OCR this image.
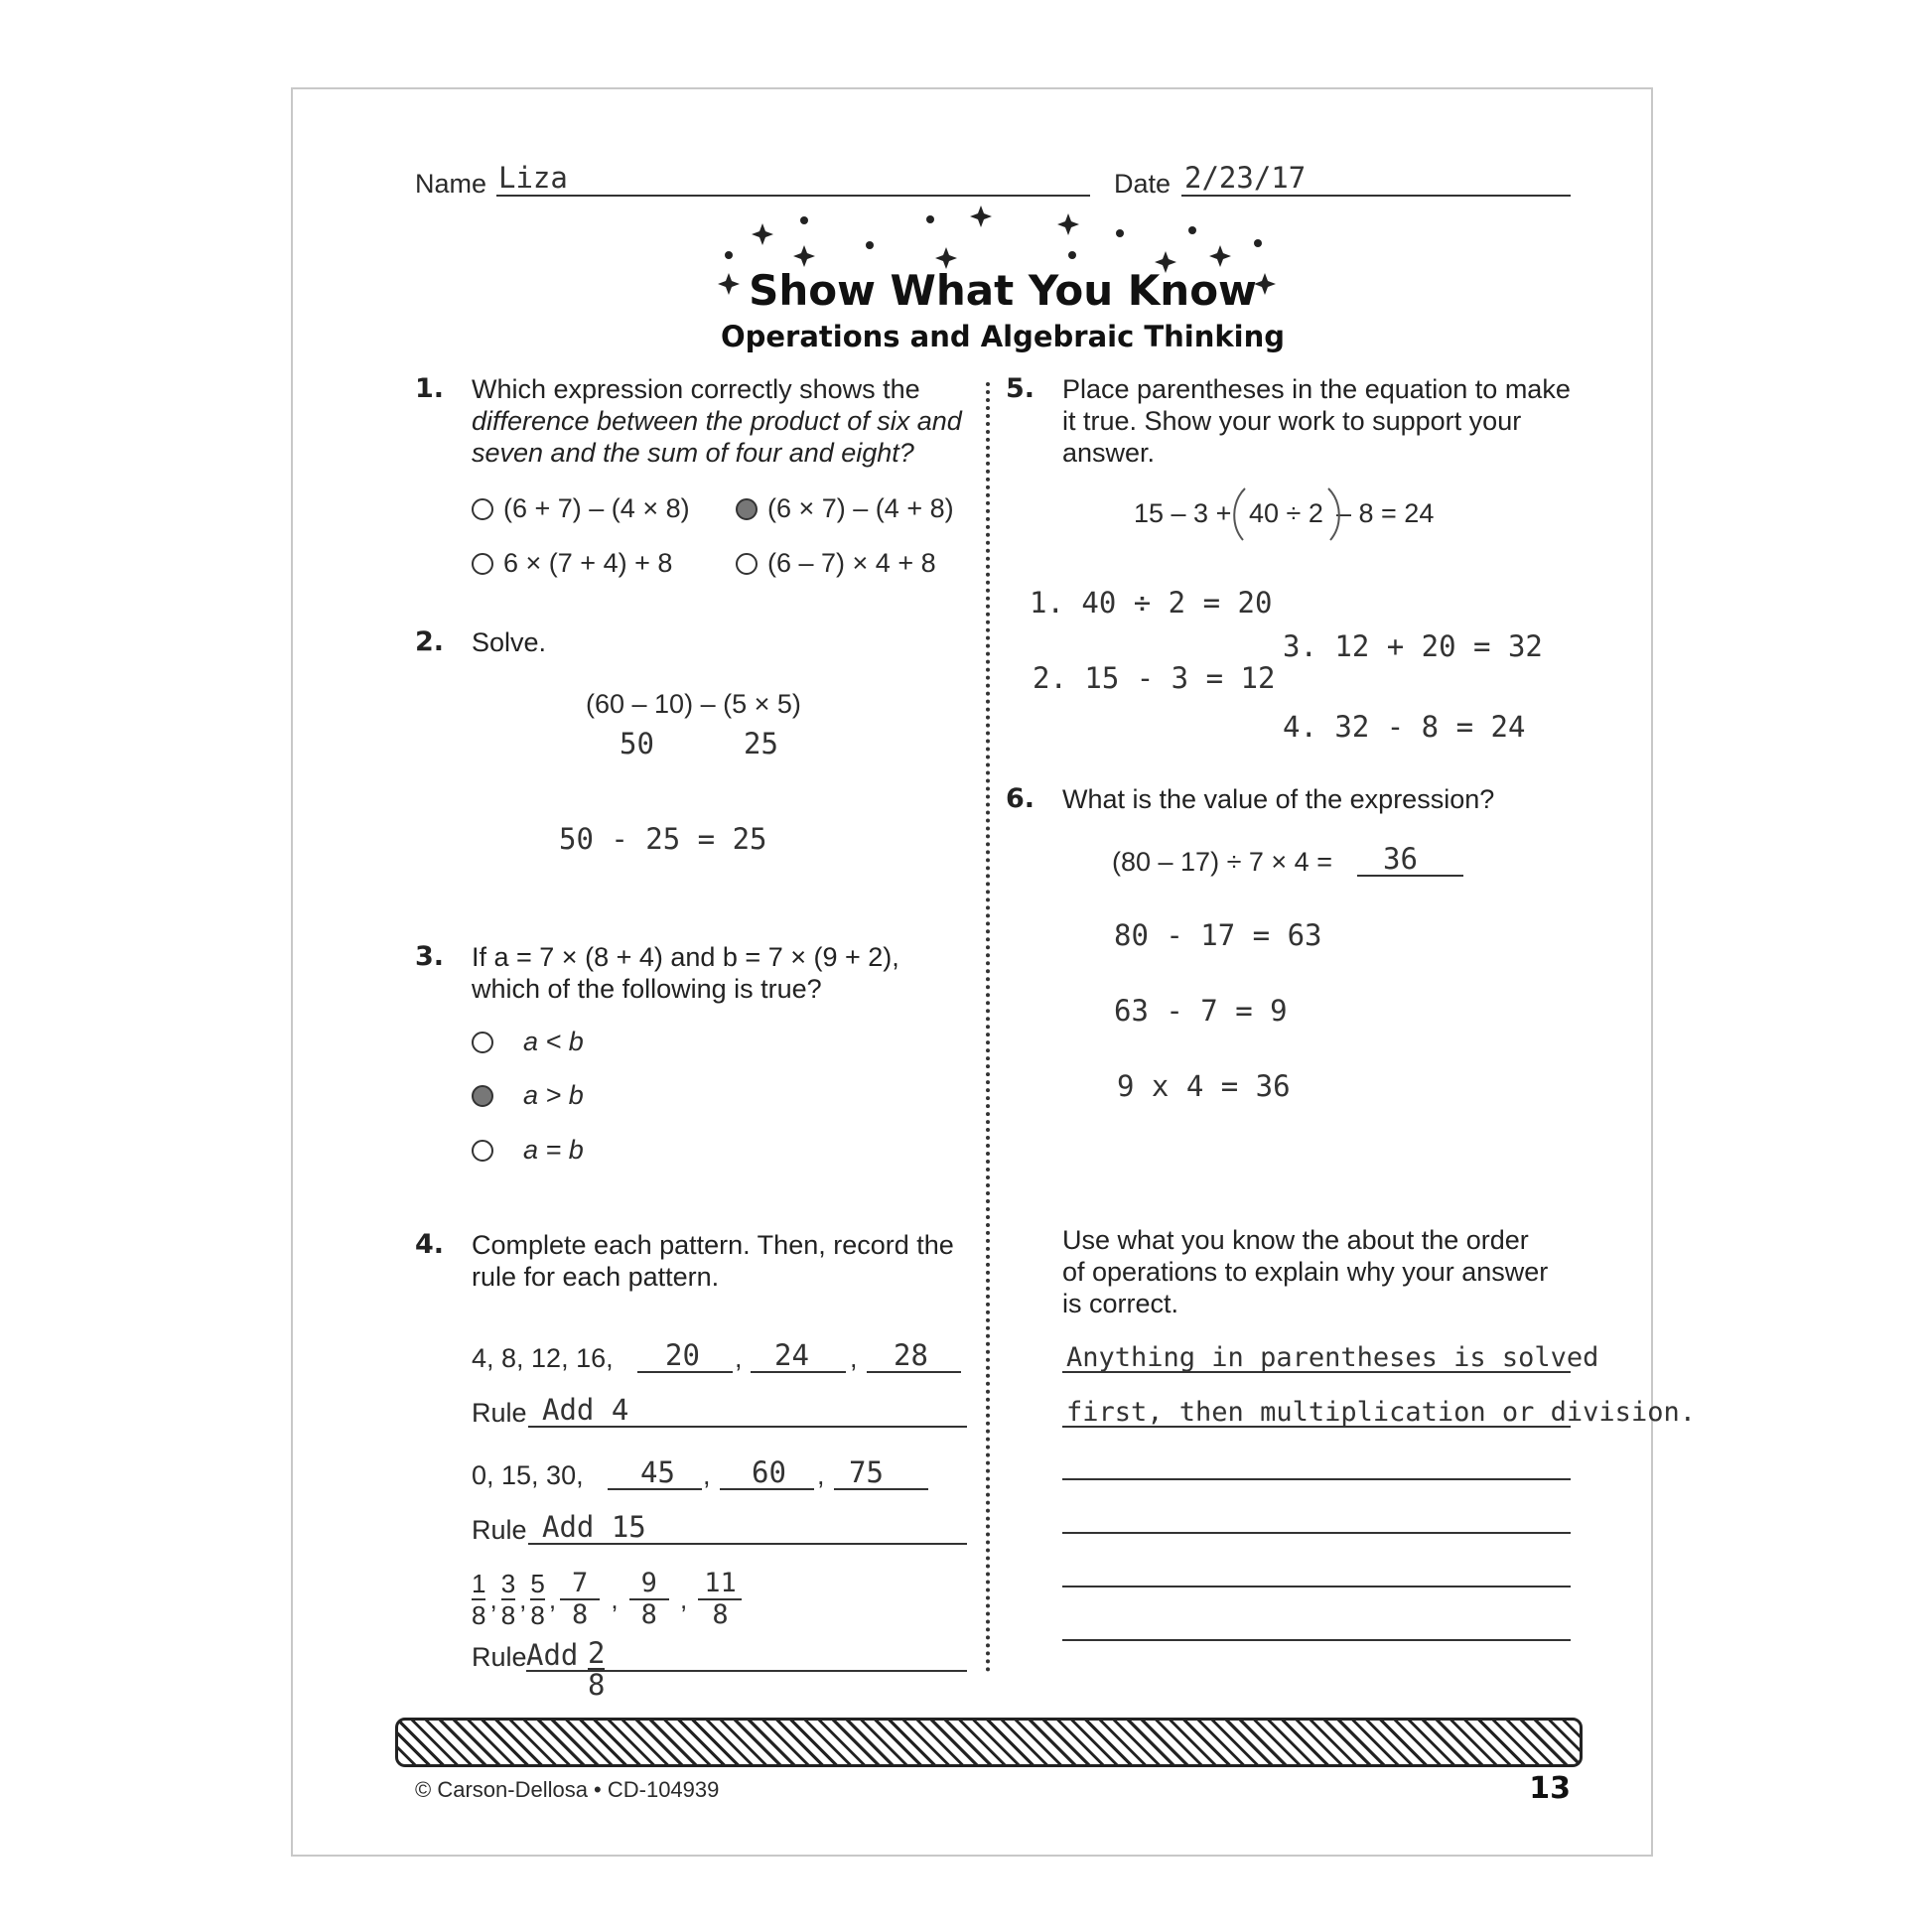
Name Liza	Date 2/23/17
Show What You Know
Operations and Algebraic Thinking
1. Which expression correctly shows the
difference between the product of six and
seven and the sum of four and eight?
(6 + 7) – (4 × 8)	(6 × 7) – (4 + 8)
6 × (7 + 4) + 8	(6 – 7) × 4 + 8
2. Solve.
(60 – 10) – (5 × 5)
50	25
50 - 25 = 25
3. If a = 7 × (8 + 4) and b = 7 × (9 + 2),
which of the following is true?
a < b
a > b
a = b
4. Complete each pattern. Then, record the
rule for each pattern.
4, 8, 12, 16, 20 , 24 , 28
Rule Add 4
0, 15, 30, 45 , 60 , 75
Rule Add 15
$\frac{1}{8}$ , $\frac{3}{8}$ , $\frac{5}{8}$ , $\frac{7}{8}$ , $\frac{9}{8}$ , $\frac{11}{8}$
Rule Add 2
8
5. Place parentheses in the equation to make
it true. Show your work to support your
answer.
15 – 3 + 40 ÷ 2 – 8 = 24
1. 40 ÷ 2 = 20
2. 15 - 3 = 12
3. 12 + 20 = 32
4. 32 - 8 = 24
6. What is the value of the expression?
(80 – 17) ÷ 7 × 4 = 36
80 - 17 = 63
63 - 7 = 9
9 x 4 = 36
Use what you know the about the order
of operations to explain why your answer
is correct.
Anything in parentheses is solved
first, then multiplication or division.
© Carson-Dellosa • CD-104939	13
